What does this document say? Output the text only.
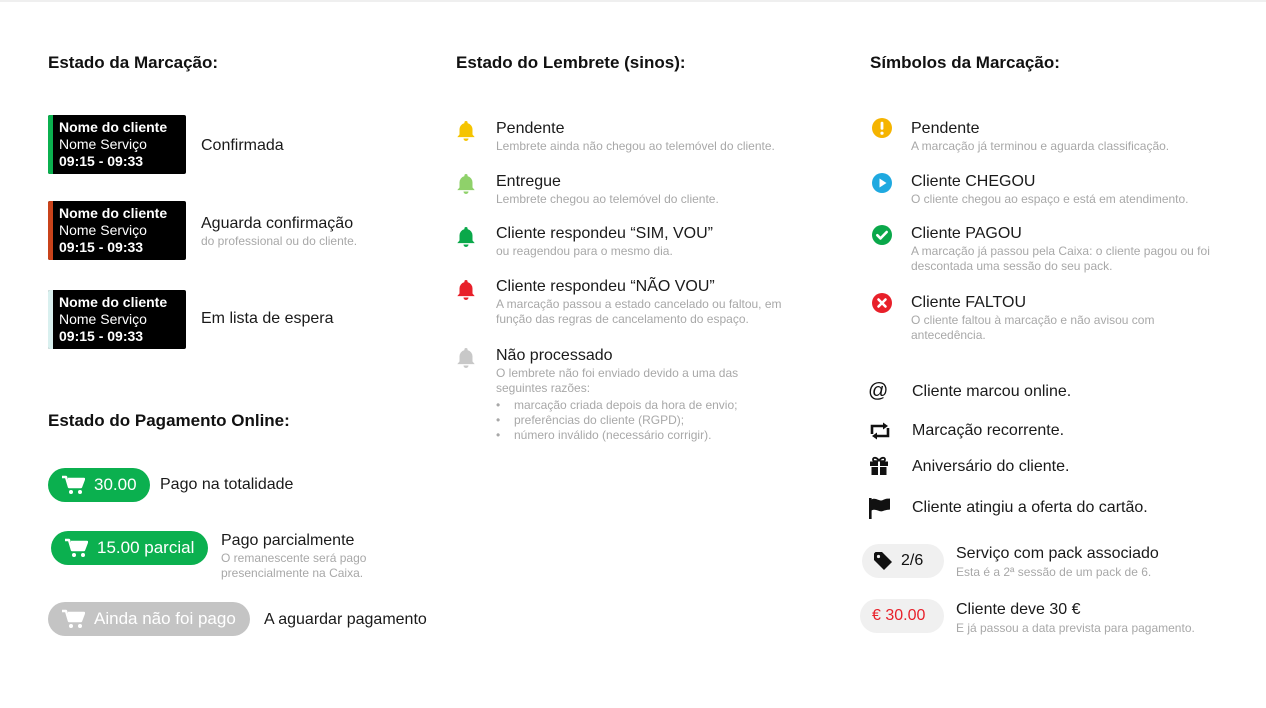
Estado da Marcação:
Nome do cliente
Nome Serviço
09:15 - 09:33
Confirmada
Nome do cliente
Nome Serviço
09:15 - 09:33
Aguarda confirmação
do professional ou do cliente.
Nome do cliente
Nome Serviço
09:15 - 09:33
Em lista de espera
Estado do Pagamento Online:
30.00 Pago na totalidade
15.00 parcial Pago parcialmente
O remanescente será pago presencialmente na Caixa.
Ainda não foi pago A aguardar pagamento
Estado do Lembrete (sinos):
Pendente
Lembrete ainda não chegou ao telemóvel do cliente.
Entregue
Lembrete chegou ao telemóvel do cliente.
Cliente respondeu “SIM, VOU”
ou reagendou para o mesmo dia.
Cliente respondeu “NÃO VOU”
A marcação passou a estado cancelado ou faltou, em função das regras de cancelamento do espaço.
Não processado
O lembrete não foi enviado devido a uma das seguintes razões:
•	marcação criada depois da hora de envio;
•	preferências do cliente (RGPD);
•	número inválido (necessário corrigir).
Símbolos da Marcação:
Pendente
A marcação já terminou e aguarda classificação.
Cliente CHEGOU
O cliente chegou ao espaço e está em atendimento.
Cliente PAGOU
A marcação já passou pela Caixa: o cliente pagou ou foi descontada uma sessão do seu pack.
Cliente FALTOU
O cliente faltou à marcação e não avisou com antecedência.
@ Cliente marcou online.
Marcação recorrente.
Aniversário do cliente.
Cliente atingiu a oferta do cartão.
2/6 Serviço com pack associado
Esta é a 2ª sessão de um pack de 6.
€ 30.00 Cliente deve 30 €
E já passou a data prevista para pagamento.
